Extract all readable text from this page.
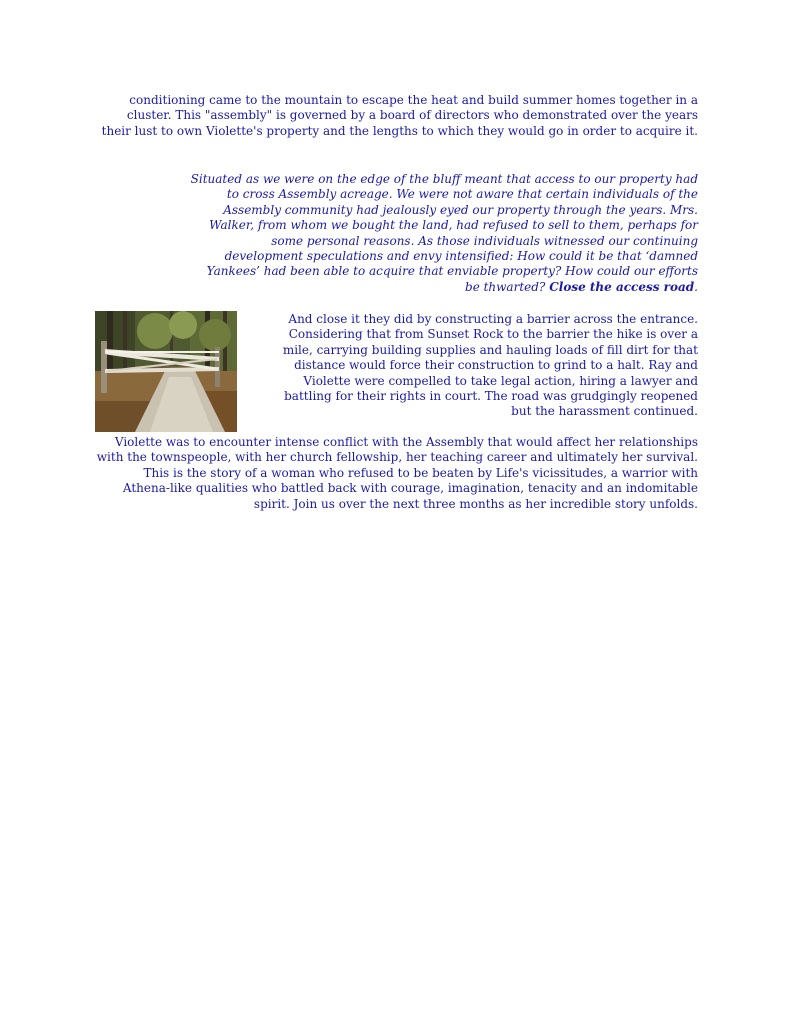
conditioning came to the mountain to escape the heat and build summer homes together in a cluster. This "assembly" is governed by a board of directors who demonstrated over the years their lust to own Violette's property and the lengths to which they would go in order to acquire it.

Situated as we were on the edge of the bluff meant that access to our property had to cross Assembly acreage. We were not aware that certain individuals of the Assembly community had jealously eyed our property through the years. Mrs. Walker, from whom we bought the land, had refused to sell to them, perhaps for some personal reasons. As those individuals witnessed our continuing development speculations and envy intensified: How could it be that ‘damned Yankees’ had been able to acquire that enviable property? How could our efforts be thwarted? Close the access road.

And close it they did by constructing a barrier across the entrance. Considering that from Sunset Rock to the barrier the hike is over a mile, carrying building supplies and hauling loads of fill dirt for that distance would force their construction to grind to a halt. Ray and Violette were compelled to take legal action, hiring a lawyer and battling for their rights in court. The road was grudgingly reopened but the harassment continued.

Violette was to encounter intense conflict with the Assembly that would affect her relationships with the townspeople, with her church fellowship, her teaching career and ultimately her survival. This is the story of a woman who refused to be beaten by Life's vicissitudes, a warrior with Athena-like qualities who battled back with courage, imagination, tenacity and an indomitable spirit. Join us over the next three months as her incredible story unfolds.
